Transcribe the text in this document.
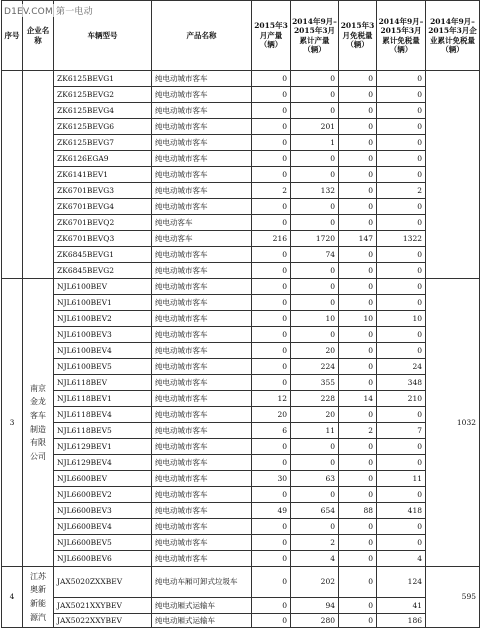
D1EV.COM 第一电动
序号	企业名称	车辆型号	产品名称	2015年3月产量（辆）	2014年9月–2015年3月累计产量（辆）	2015年3月免税量（辆）	2014年9月–2015年3月累计免税量（辆）	2014年9月–2015年3月企业累计免税量（辆）
		ZK6125BEVG1	纯电动城市客车	0	0	0	0	
		ZK6125BEVG2	纯电动城市客车	0	0	0	0	
		ZK6125BEVG4	纯电动城市客车	0	0	0	0	
		ZK6125BEVG6	纯电动城市客车	0	201	0	0	
		ZK6125BEVG7	纯电动城市客车	0	1	0	0	
		ZK6126EGA9	纯电动城市客车	0	0	0	0	
		ZK6141BEV1	纯电动城市客车	0	0	0	0	
		ZK6701BEVG3	纯电动城市客车	2	132	0	2	
		ZK6701BEVG4	纯电动城市客车	0	0	0	0	
		ZK6701BEVQ2	纯电动客车	0	0	0	0	
		ZK6701BEVQ3	纯电动客车	216	1720	147	1322	
		ZK6845BEVG1	纯电动城市客车	0	74	0	0	
		ZK6845BEVG2	纯电动城市客车	0	0	0	0	
3	南京金龙客车制造有限公司	NJL6100BEV	纯电动城市客车	0	0	0	0	1032
		NJL6100BEV1	纯电动城市客车	0	0	0	0	
		NJL6100BEV2	纯电动城市客车	0	10	10	10	
		NJL6100BEV3	纯电动城市客车	0	0	0	0	
		NJL6100BEV4	纯电动城市客车	0	20	0	0	
		NJL6100BEV5	纯电动城市客车	0	224	0	24	
		NJL6118BEV	纯电动城市客车	0	355	0	348	
		NJL6118BEV1	纯电动城市客车	12	228	14	210	
		NJL6118BEV4	纯电动城市客车	20	20	0	0	
		NJL6118BEV5	纯电动城市客车	6	11	2	7	
		NJL6129BEV1	纯电动城市客车	0	0	0	0	
		NJL6129BEV4	纯电动城市客车	0	0	0	0	
		NJL6600BEV	纯电动城市客车	30	63	0	11	
		NJL6600BEV2	纯电动城市客车	0	0	0	0	
		NJL6600BEV3	纯电动城市客车	49	654	88	418	
		NJL6600BEV4	纯电动城市客车	0	0	0	0	
		NJL6600BEV5	纯电动城市客车	0	2	0	0	
		NJL6600BEV6	纯电动城市客车	0	4	0	4	
4	江苏奥新新能源汽	JAX5020ZXXBEV	纯电动车厢可卸式垃圾车	0	202	0	124	595
		JAX5021XXYBEV	纯电动厢式运输车	0	94	0	41	
		JAX5022XXYBEV	纯电动厢式运输车	0	280	0	186	
